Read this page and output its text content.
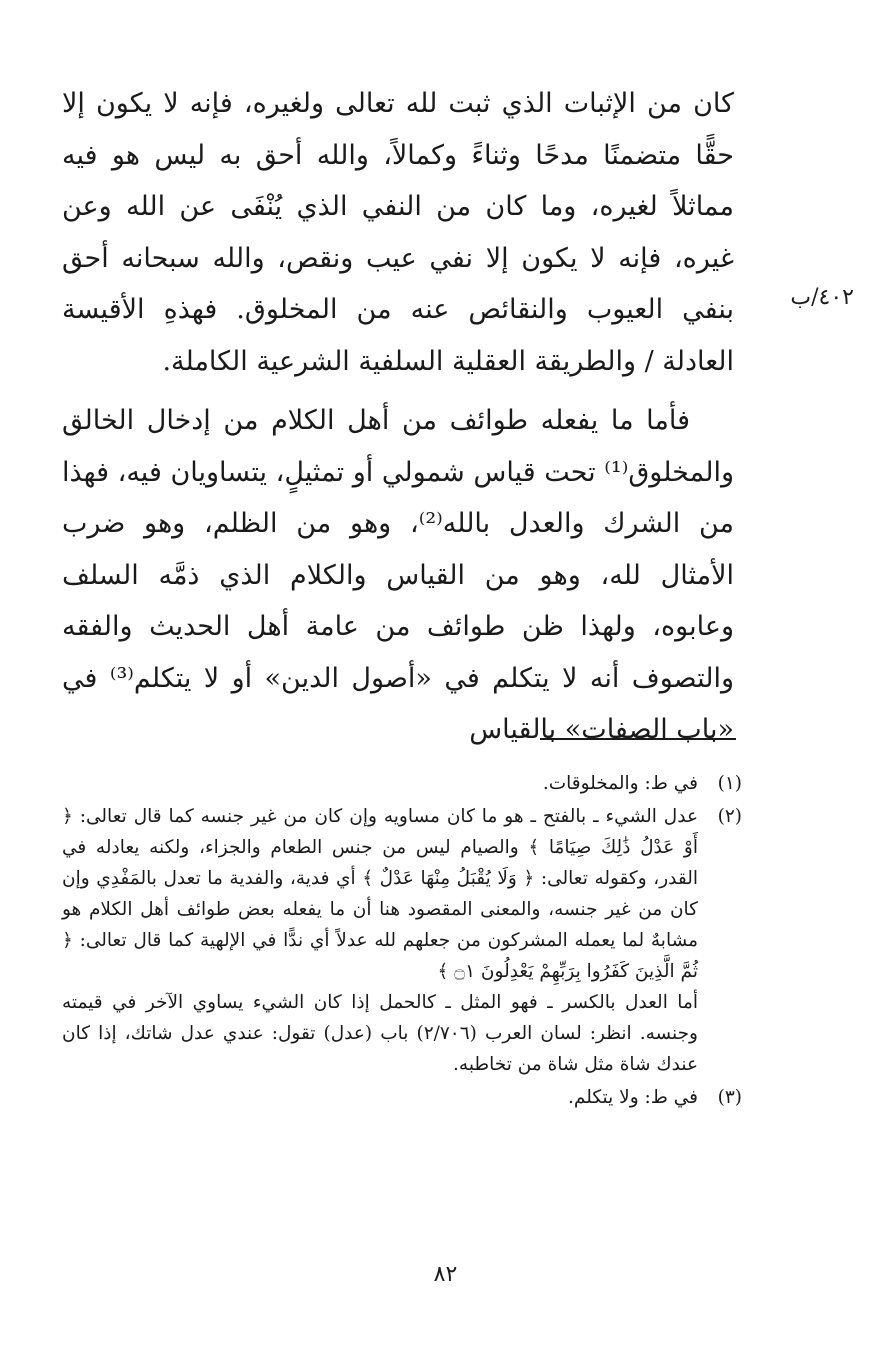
٤٠٢/ب

كان من الإثبات الذي ثبت لله تعالى ولغيره، فإنه لا يكون إلا حقًّا متضمنًا مدحًا وثناءً وكمالاً، والله أحق به ليس هو فيه مماثلاً لغيره، وما كان من النفي الذي يُنْفَى عن الله وعن غيره، فإنه لا يكون إلا نفي عيب ونقص، والله سبحانه أحق بنفي العيوب والنقائص عنه من المخلوق. فهذهِ الأقيسة العادلة / والطريقة العقلية السلفية الشرعية الكاملة.

فأما ما يفعله طوائف من أهل الكلام من إدخال الخالق والمخلوق⁽¹⁾ تحت قياس شمولي أو تمثيلٍ، يتساويان فيه، فهذا من الشرك والعدل بالله⁽²⁾، وهو من الظلم، وهو ضرب الأمثال لله، وهو من القياس والكلام الذي ذمَّه السلف وعابوه، ولهذا ظن طوائف من عامة أهل الحديث والفقه والتصوف أنه لا يتكلم في «أصول الدين» أو لا يتكلم⁽³⁾ في «باب الصفات» بالقياس

(١)
في ط: والمخلوقات.
(٢)
عدل الشيء ـ بالفتح ـ هو ما كان مساويه وإن كان من غير جنسه كما قال تعالى: ﴿ أَوْ عَدْلُ ذَٰلِكَ صِيَامًا ﴾ والصيام ليس من جنس الطعام والجزاء، ولكنه يعادله في القدر، وكقوله تعالى: ﴿ وَلَا يُقْبَلُ مِنْهَا عَدْلٌ ﴾ أي فدية، والفدية ما تعدل بالمَفْدِي وإن كان من غير جنسه، والمعنى المقصود هنا أن ما يفعله بعض طوائف أهل الكلام هو مشابهٌ لما يعمله المشركون من جعلهم لله عدلاً أي ندًّا في الإلهية كما قال تعالى: ﴿ ثُمَّ الَّذِينَ كَفَرُوا بِرَبِّهِمْ يَعْدِلُونَ ۝١ ﴾
أما العدل بالكسر ـ فهو المثل ـ كالحمل إذا كان الشيء يساوي الآخر في قيمته وجنسه. انظر: لسان العرب (٢/٧٠٦) باب (عدل) تقول: عندي عدل شاتك، إذا كان عندك شاة مثل شاة من تخاطبه.
(٣)
في ط: ولا يتكلم.
٨٢
